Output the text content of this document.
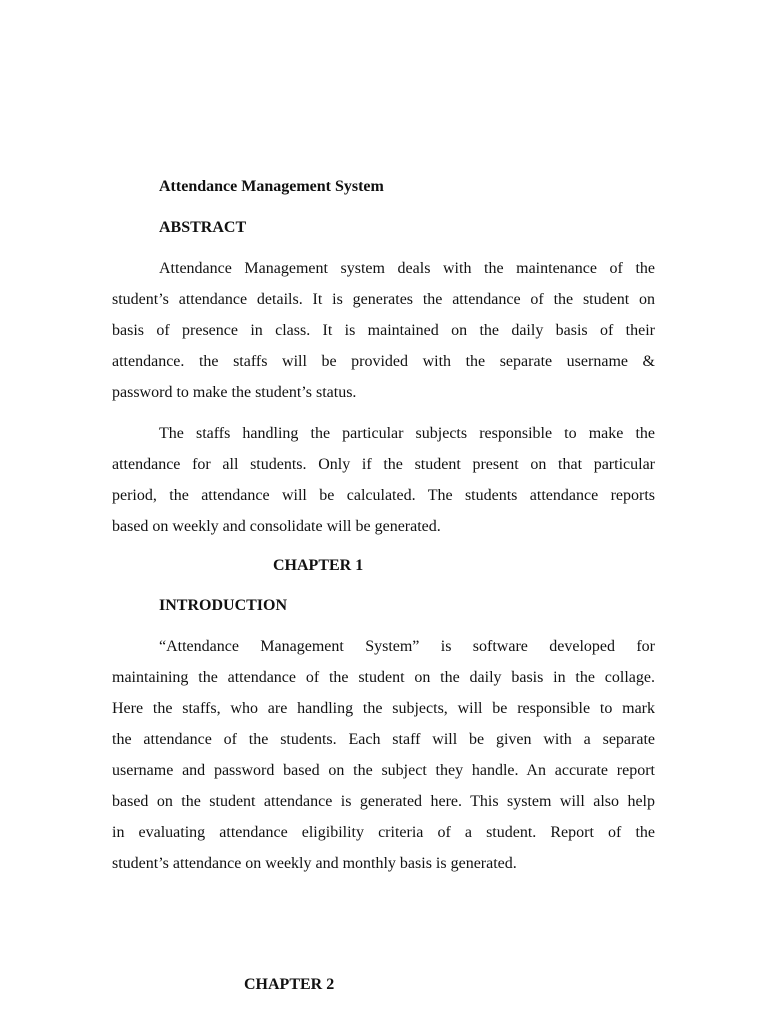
Attendance Management System
ABSTRACT

Attendance Management system deals with the maintenance of the
student’s attendance details. It is generates the attendance of the student on
basis of presence in class. It is maintained on the daily basis of their
attendance. the staffs will be provided with the separate username &
password to make the student’s status.

The staffs handling the particular subjects responsible to make the
attendance for all students. Only if the student present on that particular
period, the attendance will be calculated. The students attendance reports
based on weekly and consolidate will be generated.

CHAPTER 1
INTRODUCTION

“Attendance Management System” is software developed for
maintaining the attendance of the student on the daily basis in the collage.
Here the staffs, who are handling the subjects, will be responsible to mark
the attendance of the students. Each staff will be given with a separate
username and password based on the subject they handle. An accurate report
based on the student attendance is generated here. This system will also help
in evaluating attendance eligibility criteria of a student. Report of the
student’s attendance on weekly and monthly basis is generated.

CHAPTER 2
